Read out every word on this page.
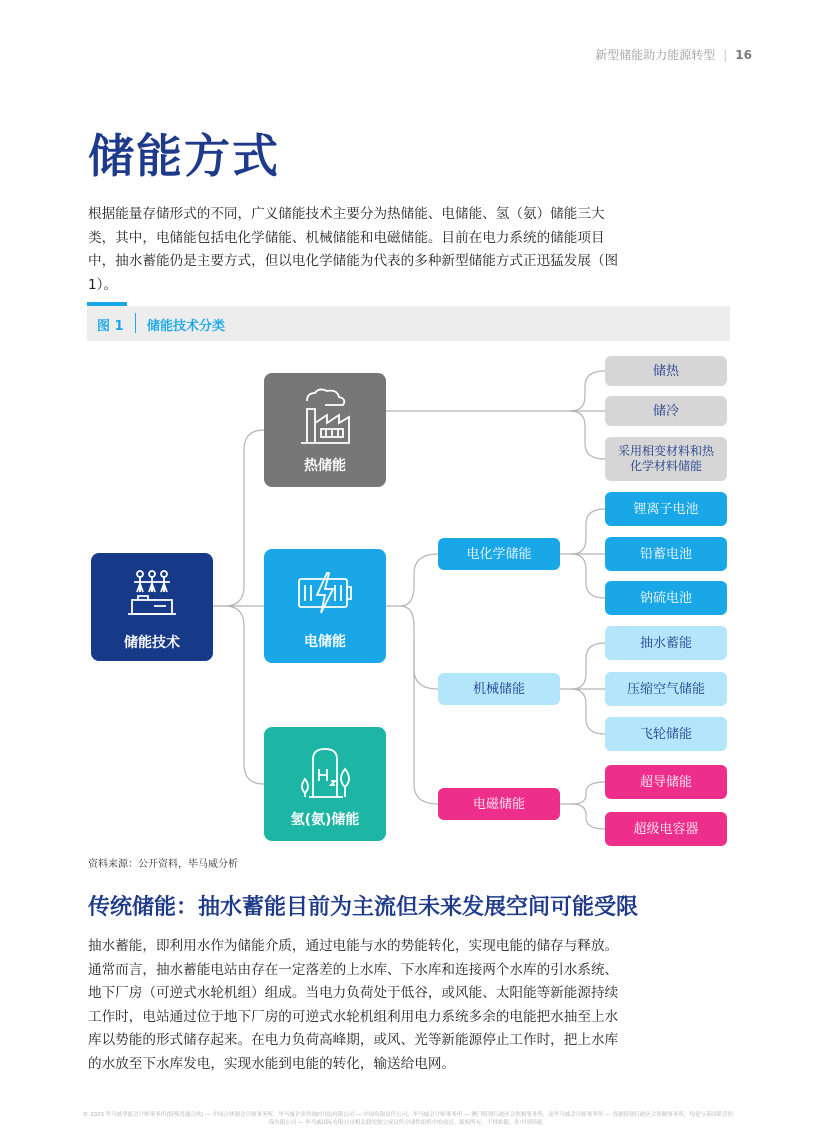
新型储能助力能源转型 | 16
储能方式

根据能量存储形式的不同，广义储能技术主要分为热储能、电储能、氢（氨）储能三大类，其中，电储能包括电化学储能、机械储能和电磁储能。目前在电力系统的储能项目中，抽水蓄能仍是主要方式，但以电化学储能为代表的多种新型储能方式正迅猛发展（图 1）。

图 1 储能技术分类
储能技术
热储能
电储能
氢(氨)储能
储热
储冷
采用相变材料和热化学材料储能
电化学储能
机械储能
电磁储能
锂离子电池
铅蓄电池
钠硫电池
抽水蓄能
压缩空气储能
飞轮储能
超导储能
超级电容器
资料来源：公开资料，毕马威分析
传统储能：抽水蓄能目前为主流但未来发展空间可能受限

抽水蓄能，即利用水作为储能介质，通过电能与水的势能转化，实现电能的储存与释放。通常而言，抽水蓄能电站由存在一定落差的上水库、下水库和连接两个水库的引水系统、地下厂房（可逆式水轮机组）组成。当电力负荷处于低谷，或风能、太阳能等新能源持续工作时，电站通过位于地下厂房的可逆式水轮机组利用电力系统多余的电能把水抽至上水库以势能的形式储存起来。在电力负荷高峰期，或风、光等新能源停止工作时，把上水库的水放至下水库发电，实现水能到电能的转化，输送给电网。

© 2023 毕马威华振会计师事务所(特殊普通合伙) — 中国合伙制会计师事务所，毕马威企业咨询(中国)有限公司 — 中国有限责任公司，毕马威会计师事务所 — 澳门特别行政区合伙制事务所，及毕马威会计师事务所 — 香港特别行政区合伙制事务所，均是与英国私营担保有限公司 — 毕马威国际有限公司相关联的独立成员所全球性组织中的成员。版权所有，不得转载。在中国印刷。
